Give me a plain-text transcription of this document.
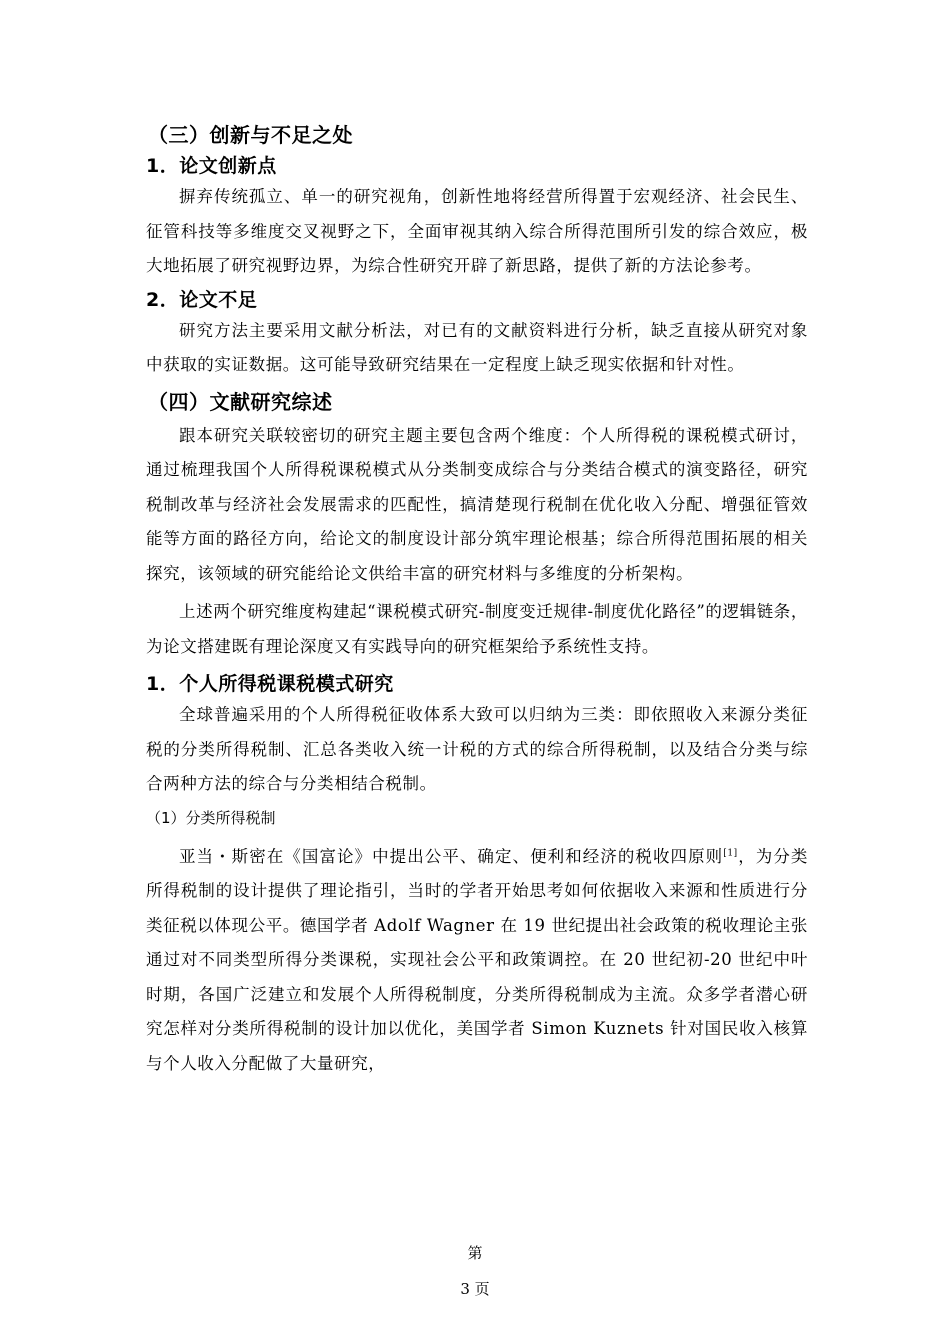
（三）创新与不足之处
1．论文创新点

摒弃传统孤立、单一的研究视角，创新性地将经营所得置于宏观经济、社会民生、征管科技等多维度交叉视野之下，全面审视其纳入综合所得范围所引发的综合效应，极大地拓展了研究视野边界，为综合性研究开辟了新思路，提供了新的方法论参考。

2．论文不足

研究方法主要采用文献分析法，对已有的文献资料进行分析，缺乏直接从研究对象中获取的实证数据。这可能导致研究结果在一定程度上缺乏现实依据和针对性。

（四）文献研究综述

跟本研究关联较密切的研究主题主要包含两个维度：个人所得税的课税模式研讨，通过梳理我国个人所得税课税模式从分类制变成综合与分类结合模式的演变路径，研究税制改革与经济社会发展需求的匹配性，搞清楚现行税制在优化收入分配、增强征管效能等方面的路径方向，给论文的制度设计部分筑牢理论根基；综合所得范围拓展的相关探究，该领域的研究能给论文供给丰富的研究材料与多维度的分析架构。

上述两个研究维度构建起“课税模式研究-制度变迁规律-制度优化路径”的逻辑链条，为论文搭建既有理论深度又有实践导向的研究框架给予系统性支持。

1．个人所得税课税模式研究

全球普遍采用的个人所得税征收体系大致可以归纳为三类：即依照收入来源分类征税的分类所得税制、汇总各类收入统一计税的方式的综合所得税制，以及结合分类与综合两种方法的综合与分类相结合税制。

（1）分类所得税制

亚当・斯密在《国富论》中提出公平、确定、便利和经济的税收四原则[1]，为分类所得税制的设计提供了理论指引，当时的学者开始思考如何依据收入来源和性质进行分类征税以体现公平。德国学者 Adolf Wagner 在 19 世纪提出社会政策的税收理论主张通过对不同类型所得分类课税，实现社会公平和政策调控。在 20 世纪初-20 世纪中叶时期，各国广泛建立和发展个人所得税制度，分类所得税制成为主流。众多学者潜心研究怎样对分类所得税制的设计加以优化，美国学者 Simon Kuznets 针对国民收入核算与个人收入分配做了大量研究，

第
3 页
